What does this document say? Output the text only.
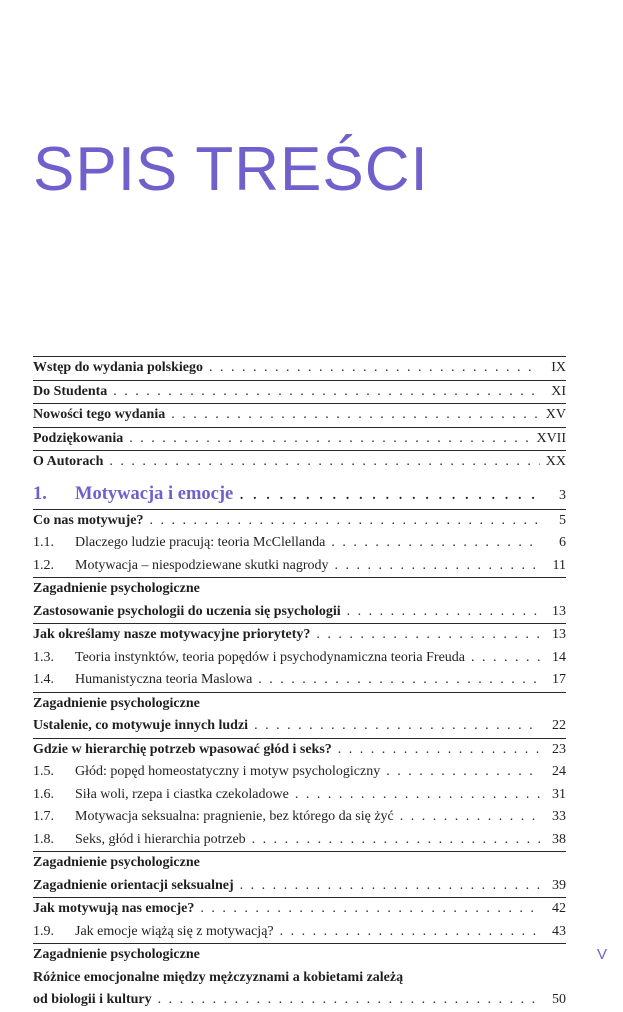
SPIS TREŚCI
Wstęp do wydania polskiego . . .	IX
Do Studenta . . .	XI
Nowości tego wydania . . .	XV
Podziękowania . . .	XVII
O Autorach . . .	XX
1.	Motywacja i emocje . . .	3
Co nas motywuje? . . .	5
1.1.	Dlaczego ludzie pracują: teoria McClellanda . . .	6
1.2.	Motywacja – niespodziewane skutki nagrody . . .	11
Zagadnienie psychologiczne
Zastosowanie psychologii do uczenia się psychologii . . .	13
Jak określamy nasze motywacyjne priorytety? . . .	13
1.3.	Teoria instynktów, teoria popędów i psychodynamiczna teoria Freuda . . .	14
1.4.	Humanistyczna teoria Maslowa . . .	17
Zagadnienie psychologiczne
Ustalenie, co motywuje innych ludzi . . .	22
Gdzie w hierarchię potrzeb wpasować głód i seks? . . .	23
1.5.	Głód: popęd homeostatyczny i motyw psychologiczny . . .	24
1.6.	Siła woli, rzepa i ciastka czekoladowe . . .	31
1.7.	Motywacja seksualna: pragnienie, bez którego da się żyć . . .	33
1.8.	Seks, głód i hierarchia potrzeb . . .	38
Zagadnienie psychologiczne
Zagadnienie orientacji seksualnej . . .	39
Jak motywują nas emocje? . . .	42
1.9.	Jak emocje wiążą się z motywacją? . . .	43
Zagadnienie psychologiczne
Różnice emocjonalne między mężczyznami a kobietami zależą
od biologii i kultury . . .	50
V
